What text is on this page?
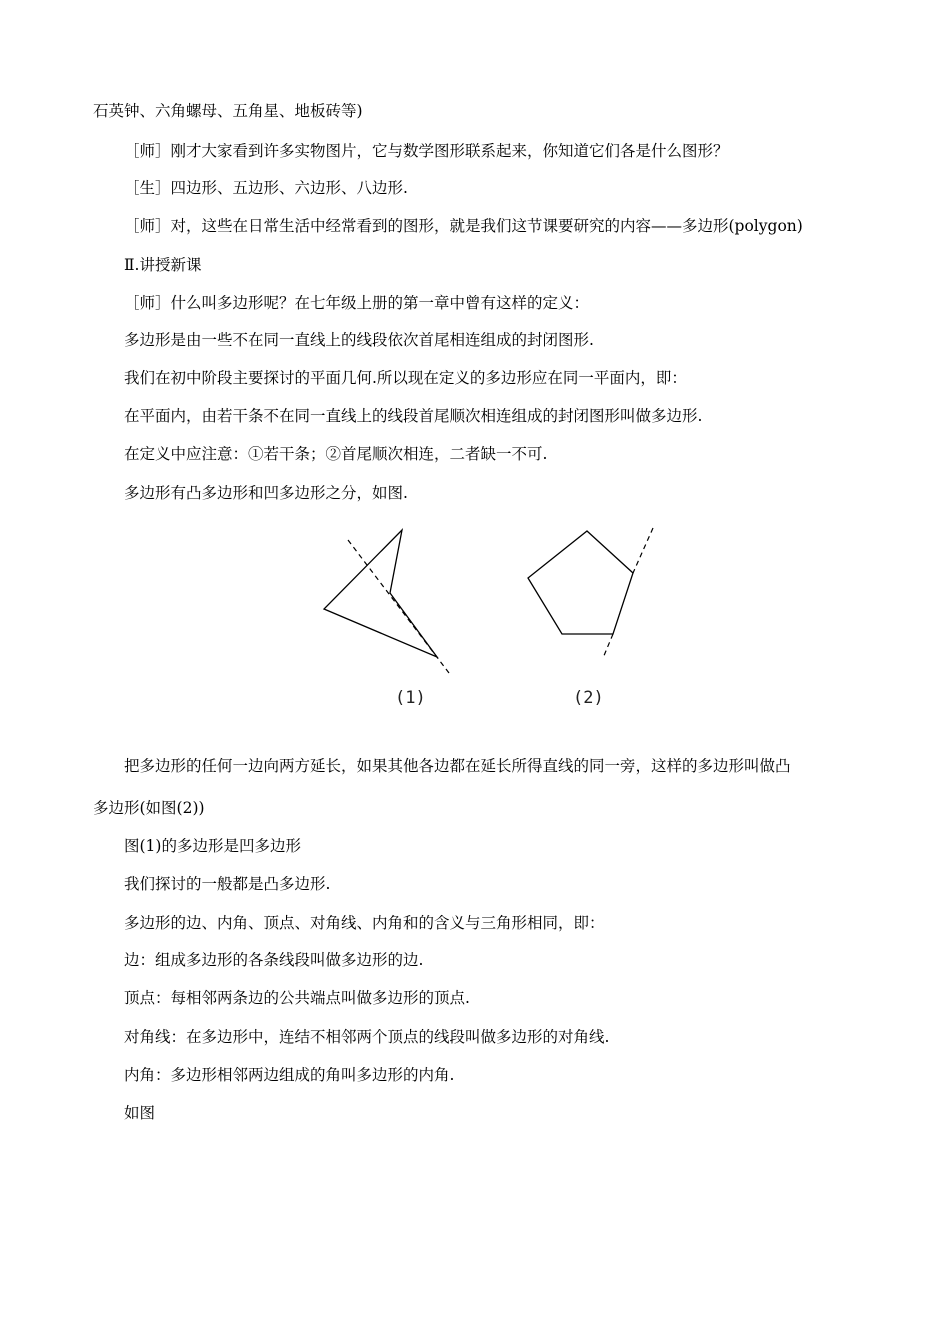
石英钟、六角螺母、五角星、地板砖等)
［师］刚才大家看到许多实物图片，它与数学图形联系起来，你知道它们各是什么图形？
［生］四边形、五边形、六边形、八边形.
［师］对，这些在日常生活中经常看到的图形，就是我们这节课要研究的内容——多边形(polygon)
Ⅱ.讲授新课
［师］什么叫多边形呢？在七年级上册的第一章中曾有这样的定义：
多边形是由一些不在同一直线上的线段依次首尾相连组成的封闭图形.
我们在初中阶段主要探讨的平面几何.所以现在定义的多边形应在同一平面内，即：
在平面内，由若干条不在同一直线上的线段首尾顺次相连组成的封闭图形叫做多边形.
在定义中应注意：①若干条；②首尾顺次相连，二者缺一不可.
多边形有凸多边形和凹多边形之分，如图.
(1)	(2)
把多边形的任何一边向两方延长，如果其他各边都在延长所得直线的同一旁，这样的多边形叫做凸
多边形(如图(2))
图(1)的多边形是凹多边形
我们探讨的一般都是凸多边形.
多边形的边、内角、顶点、对角线、内角和的含义与三角形相同，即：
边：组成多边形的各条线段叫做多边形的边.
顶点：每相邻两条边的公共端点叫做多边形的顶点.
对角线：在多边形中，连结不相邻两个顶点的线段叫做多边形的对角线.
内角：多边形相邻两边组成的角叫多边形的内角.
如图
